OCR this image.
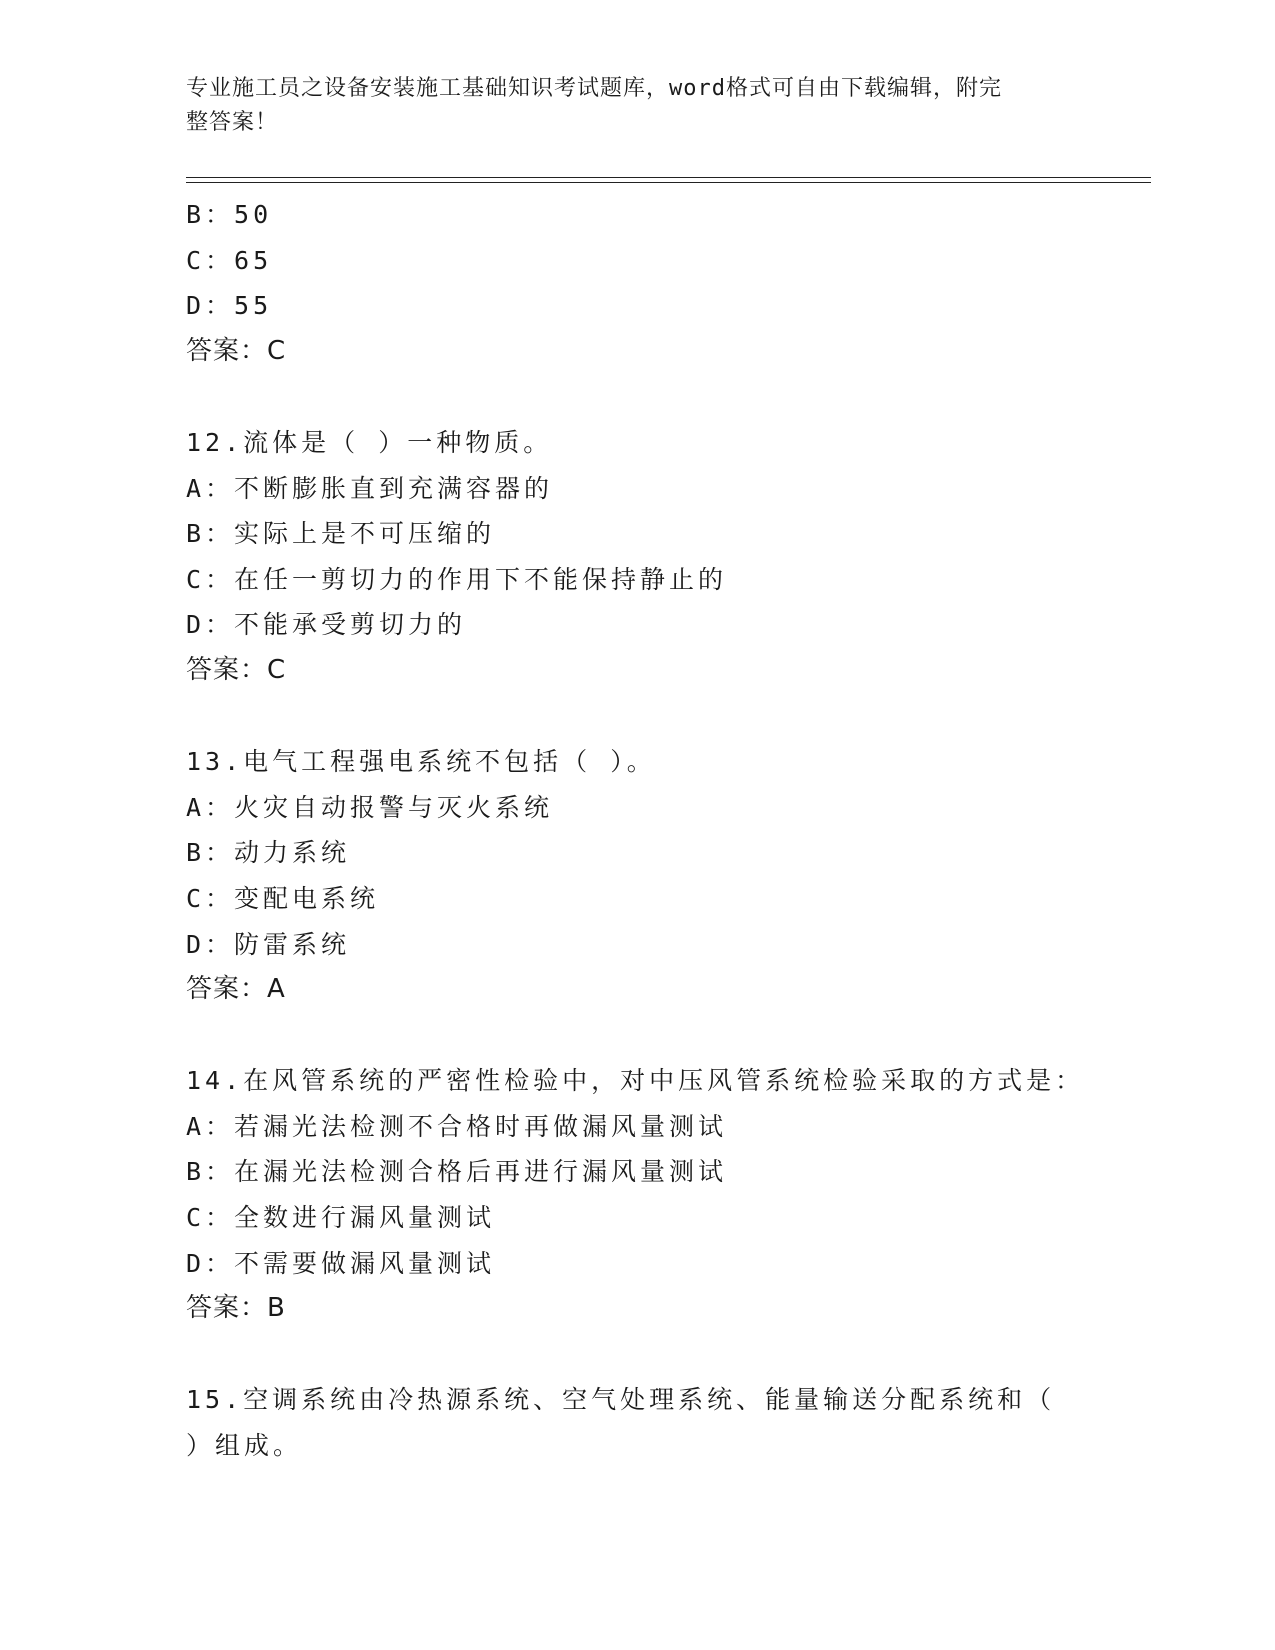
专业施工员之设备安装施工基础知识考试题库，word格式可自由下载编辑，附完
整答案！
B：50
C：65
D：55
答案：C
12.流体是（ ）一种物质。
A：不断膨胀直到充满容器的
B：实际上是不可压缩的
C：在任一剪切力的作用下不能保持静止的
D：不能承受剪切力的
答案：C
13.电气工程强电系统不包括（ ）。
A：火灾自动报警与灭火系统
B：动力系统
C：变配电系统
D：防雷系统
答案：A
14.在风管系统的严密性检验中，对中压风管系统检验采取的方式是：
A：若漏光法检测不合格时再做漏风量测试
B：在漏光法检测合格后再进行漏风量测试
C：全数进行漏风量测试
D：不需要做漏风量测试
答案：B
15.空调系统由冷热源系统、空气处理系统、能量输送分配系统和（
）组成。
